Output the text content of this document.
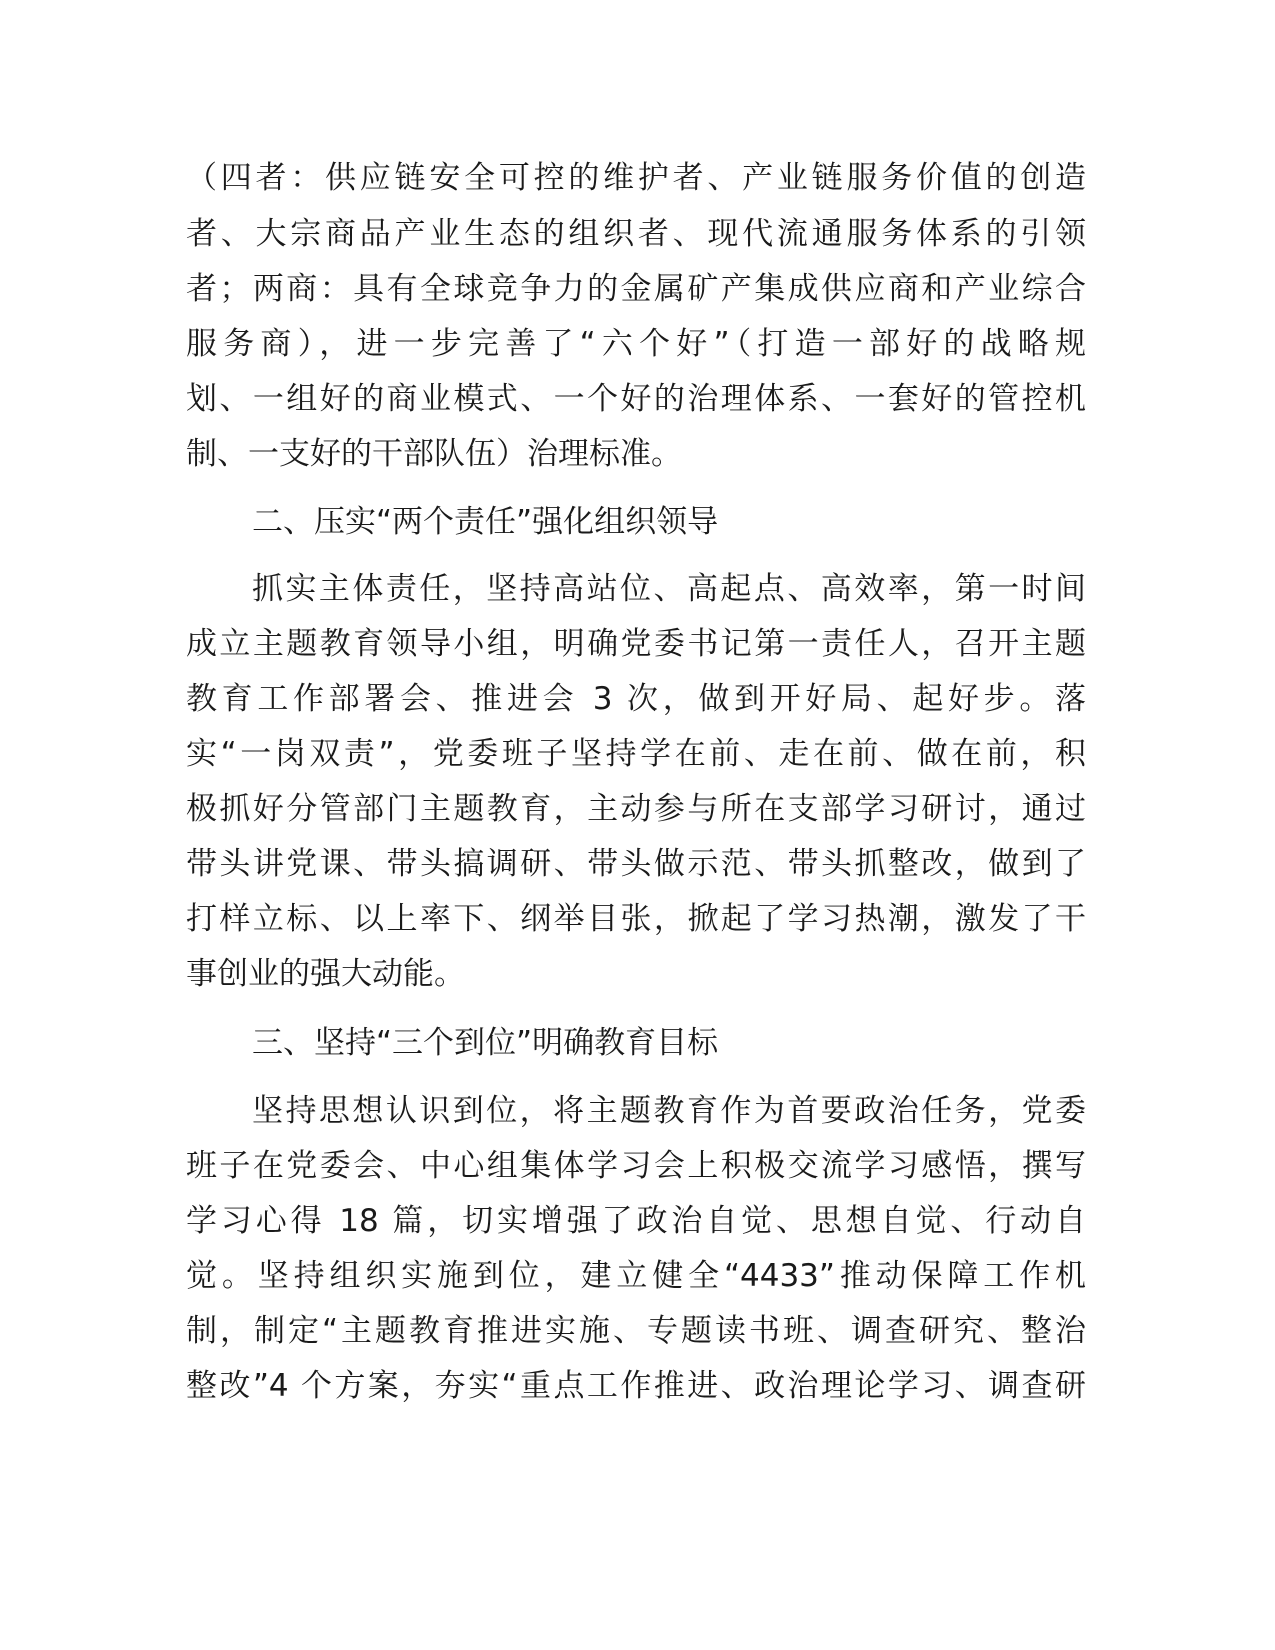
（四者：供应链安全可控的维护者、产业链服务价值的创造
者、大宗商品产业生态的组织者、现代流通服务体系的引领
者；两商：具有全球竞争力的金属矿产集成供应商和产业综合
服务商），进一步完善了“六个好”（打造一部好的战略规
划、一组好的商业模式、一个好的治理体系、一套好的管控机
制、一支好的干部队伍）治理标准。
二、压实“两个责任”强化组织领导
抓实主体责任，坚持高站位、高起点、高效率，第一时间
成立主题教育领导小组，明确党委书记第一责任人，召开主题
教育工作部署会、推进会 3 次，做到开好局、起好步。落
实“一岗双责”，党委班子坚持学在前、走在前、做在前，积
极抓好分管部门主题教育，主动参与所在支部学习研讨，通过
带头讲党课、带头搞调研、带头做示范、带头抓整改，做到了
打样立标、以上率下、纲举目张，掀起了学习热潮，激发了干
事创业的强大动能。
三、坚持“三个到位”明确教育目标
坚持思想认识到位，将主题教育作为首要政治任务，党委
班子在党委会、中心组集体学习会上积极交流学习感悟，撰写
学习心得 18 篇，切实增强了政治自觉、思想自觉、行动自
觉。坚持组织实施到位，建立健全“4433”推动保障工作机
制，制定“主题教育推进实施、专题读书班、调查研究、整治
整改”4 个方案，夯实“重点工作推进、政治理论学习、调查研
